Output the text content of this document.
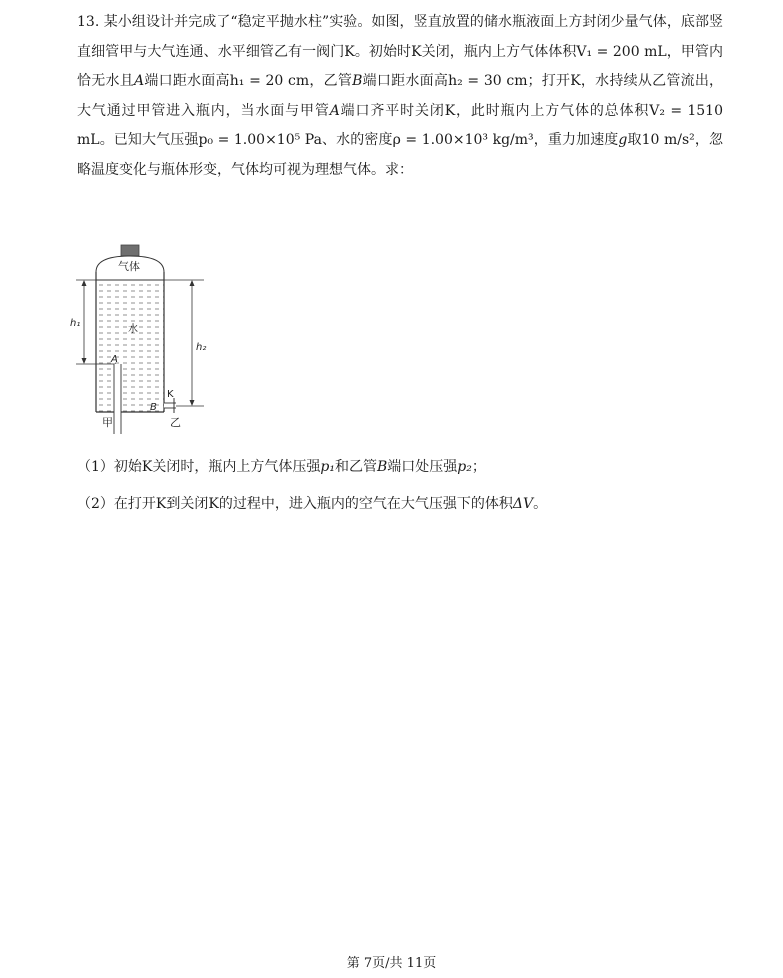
13. 某小组设计并完成了“稳定平抛水柱”实验。如图，竖直放置的储水瓶液面上方封闭少量气体，底部竖直细管甲与大气连通、水平细管乙有一阀门K。初始时K关闭，瓶内上方气体体积V₁ = 200 mL，甲管内恰无水且A端口距水面高h₁ = 20 cm，乙管B端口距水面高h₂ = 30 cm；打开K，水持续从乙管流出，大气通过甲管进入瓶内，当水面与甲管A端口齐平时关闭K，此时瓶内上方气体的总体积V₂ = 1510 mL。已知大气压强p₀ = 1.00×10⁵ Pa、水的密度ρ = 1.00×10³ kg/m³，重力加速度g取10 m/s²，忽略温度变化与瓶体形变，气体均可视为理想气体。求：

气体
水
h₁
h₂
A
B
K
甲	乙

（1）初始K关闭时，瓶内上方气体压强p₁和乙管B端口处压强p₂；

（2）在打开K到关闭K的过程中，进入瓶内的空气在大气压强下的体积ΔV。

第 7页/共 11页
